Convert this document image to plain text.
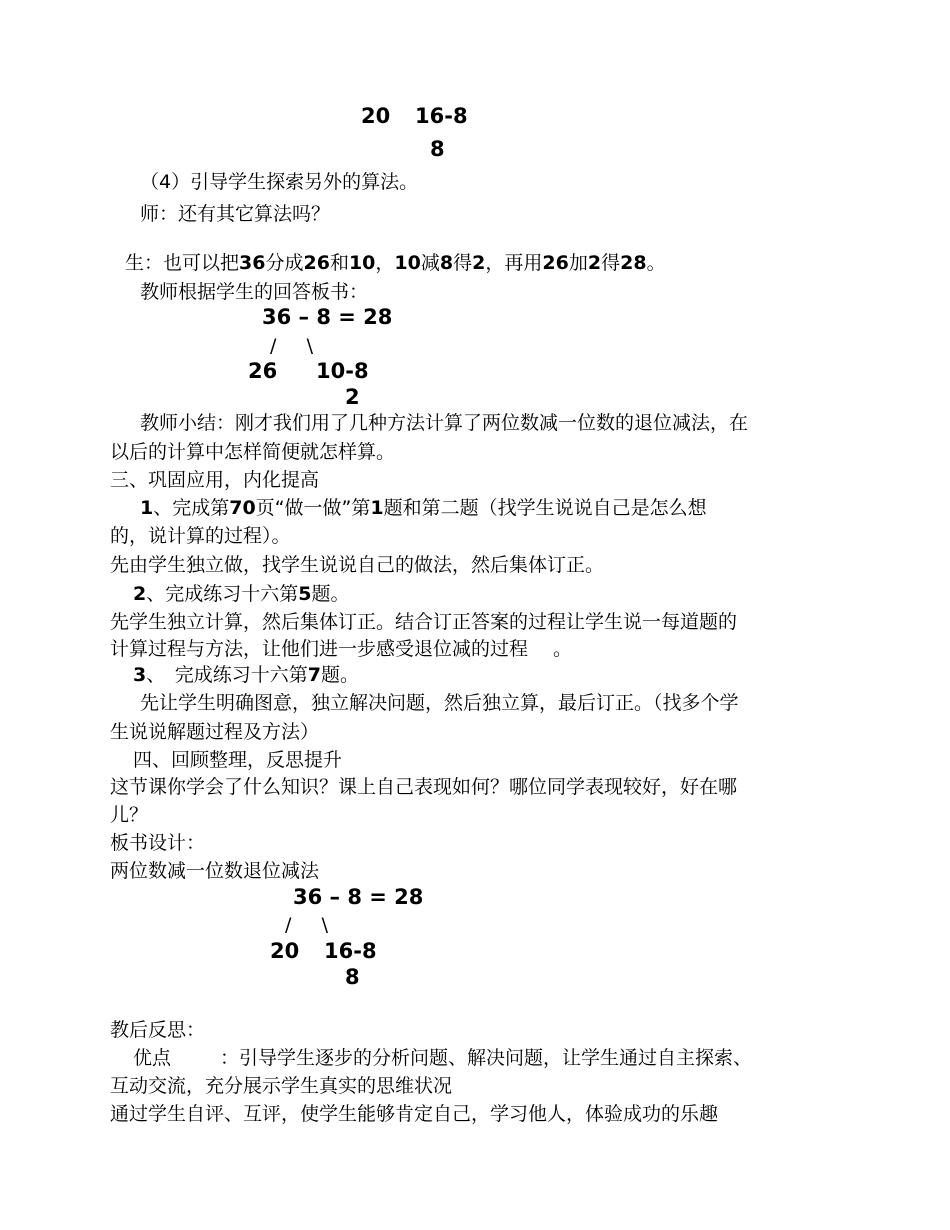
20 16-8
8
（4）引导学生探索另外的算法。
师：还有其它算法吗？
生：也可以把36分成26和10，10减8得2，再用26加2得28。
教师根据学生的回答板书：
36 – 8 = 28
/     \
26 10-8
2
教师小结：刚才我们用了几种方法计算了两位数减一位数的退位减法，在
以后的计算中怎样简便就怎样算。
三、巩固应用，内化提高
1、完成第70页“做一做”第1题和第二题（找学生说说自己是怎么想
的，说计算的过程）。
先由学生独立做，找学生说说自己的做法，然后集体订正。
2、完成练习十六第5题。
先学生独立计算，然后集体订正。结合订正答案的过程让学生说一每道题的
计算过程与方法，让他们进一步感受退位减的过程　 。
3、　完成练习十六第7题。
先让学生明确图意，独立解决问题，然后独立算，最后订正。（找多个学
生说说解题过程及方法）
四、回顾整理，反思提升
这节课你学会了什么知识？课上自己表现如何？哪位同学表现较好，好在哪
儿？
板书设计：
两位数减一位数退位减法
36 – 8 = 28
/     \
20 16-8
8
教后反思：
优点	：引导学生逐步的分析问题、解决问题，让学生通过自主探索、
互动交流，充分展示学生真实的思维状况
通过学生自评、互评，使学生能够肯定自己，学习他人，体验成功的乐趣
